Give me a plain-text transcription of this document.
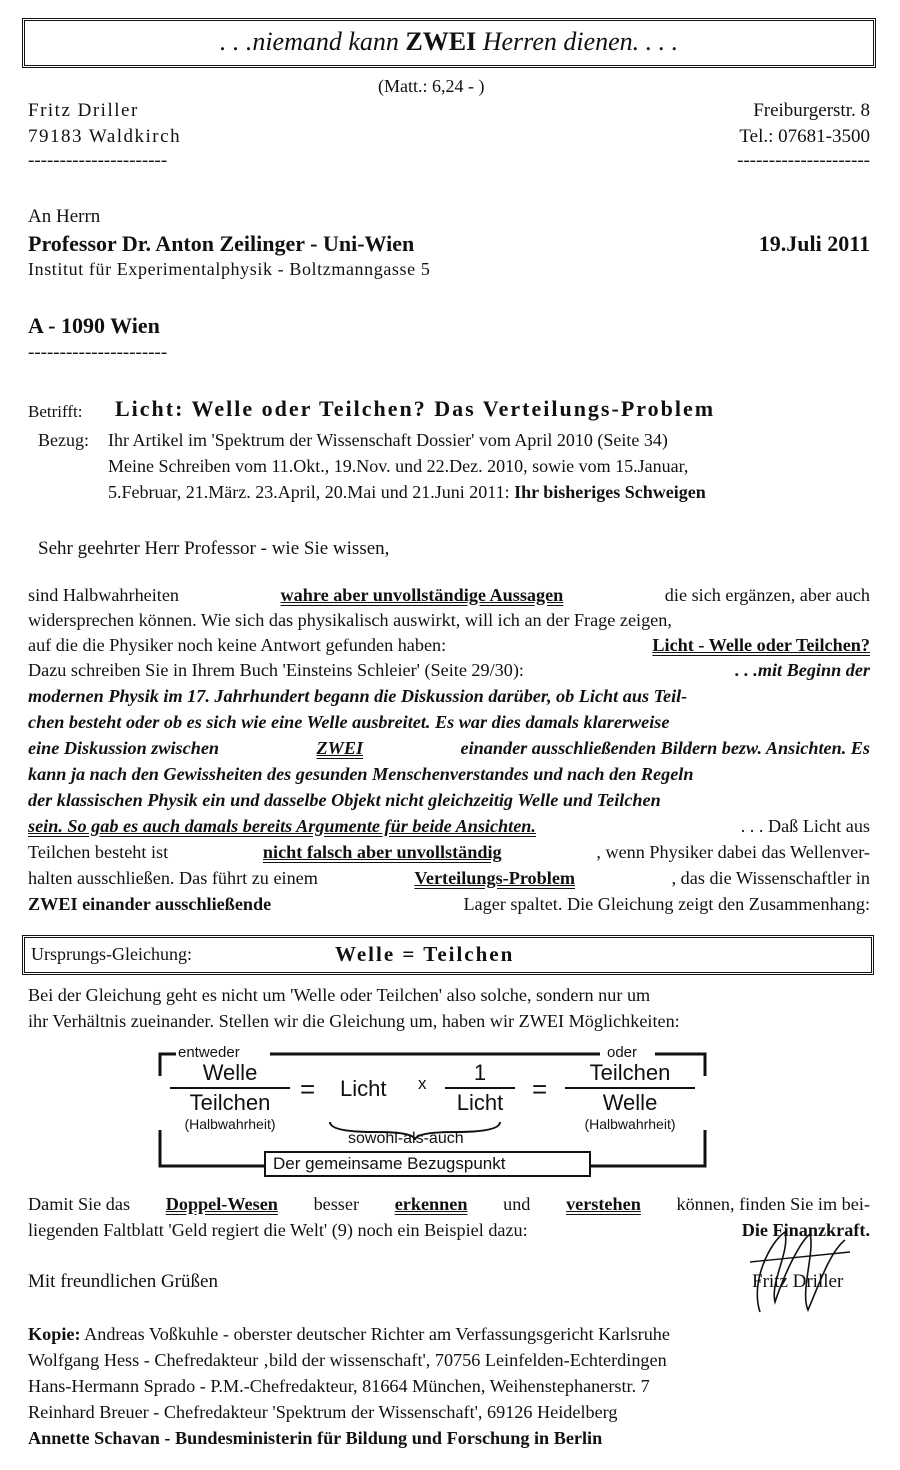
. . .niemand kann ZWEI Herren dienen. . . .
(Matt.: 6,24 - )
Fritz Driller
79183 Waldkirch
----------------------
Freiburgerstr. 8
Tel.: 07681-3500
---------------------
An Herrn
Professor Dr. Anton Zeilinger - Uni-Wien	19.Juli 2011
Institut für Experimentalphysik - Boltzmanngasse 5
A - 1090 Wien
----------------------
Betrifft: Licht: Welle oder Teilchen? Das Verteilungs-Problem
Bezug: Ihr Artikel im 'Spektrum der Wissenschaft Dossier' vom April 2010 (Seite 34)
Meine Schreiben vom 11.Okt., 19.Nov. und 22.Dez. 2010, sowie vom 15.Januar,
5.Februar, 21.März. 23.April, 20.Mai und 21.Juni 2011: Ihr bisheriges Schweigen
Sehr geehrter Herr Professor - wie Sie wissen,
sind Halbwahrheiten	wahre aber unvollständige Aussagen	die sich ergänzen, aber auch
widersprechen können. Wie sich das physikalisch auswirkt, will ich an der Frage zeigen,
auf die die Physiker noch keine Antwort gefunden haben:	Licht - Welle oder Teilchen?
Dazu schreiben Sie in Ihrem Buch 'Einsteins Schleier' (Seite 29/30):	. . .mit Beginn der
modernen Physik im 17. Jahrhundert begann die Diskussion darüber, ob Licht aus Teil-
chen besteht oder ob es sich wie eine Welle ausbreitet. Es war dies damals klarerweise
eine Diskussion zwischen	ZWEI	einander ausschließenden Bildern bezw. Ansichten. Es
kann ja nach den Gewissheiten des gesunden Menschenverstandes und nach den Regeln
der klassischen Physik ein und dasselbe Objekt nicht gleichzeitig Welle und Teilchen
sein. So gab es auch damals bereits Argumente für beide Ansichten.	. . . Daß Licht aus
Teilchen besteht ist	nicht falsch aber unvollständig	, wenn Physiker dabei das Wellenver-
halten ausschließen. Das führt zu einem	Verteilungs-Problem	, das die Wissenschaftler in
ZWEI einander ausschließende	Lager spaltet. Die Gleichung zeigt den Zusammenhang:
Ursprungs-Gleichung:	Welle = Teilchen
Bei der Gleichung geht es nicht um 'Welle oder Teilchen' also solche, sondern nur um
ihr Verhältnis zueinander. Stellen wir die Gleichung um, haben wir ZWEI Möglichkeiten:
entweder	oder
Welle
Teilchen
(Halbwahrheit)
= Licht x	1
Licht	=
Teilchen
Welle
(Halbwahrheit)
sowohl-als-auch
Der gemeinsame Bezugspunkt
Damit Sie das Doppel-Wesen besser erkennen und verstehen können, finden Sie im bei-
liegenden Faltblatt 'Geld regiert die Welt' (9) noch ein Beispiel dazu:	Die Finanzkraft.
Mit freundlichen Grüßen	Fritz Driller
Kopie: Andreas Voßkuhle - oberster deutscher Richter am Verfassungsgericht Karlsruhe
Wolfgang Hess - Chefredakteur ‚bild der wissenschaft', 70756 Leinfelden-Echterdingen
Hans-Hermann Sprado - P.M.-Chefredakteur, 81664 München, Weihenstephanerstr. 7
Reinhard Breuer - Chefredakteur 'Spektrum der Wissenschaft', 69126 Heidelberg
Annette Schavan - Bundesministerin für Bildung und Forschung in Berlin
